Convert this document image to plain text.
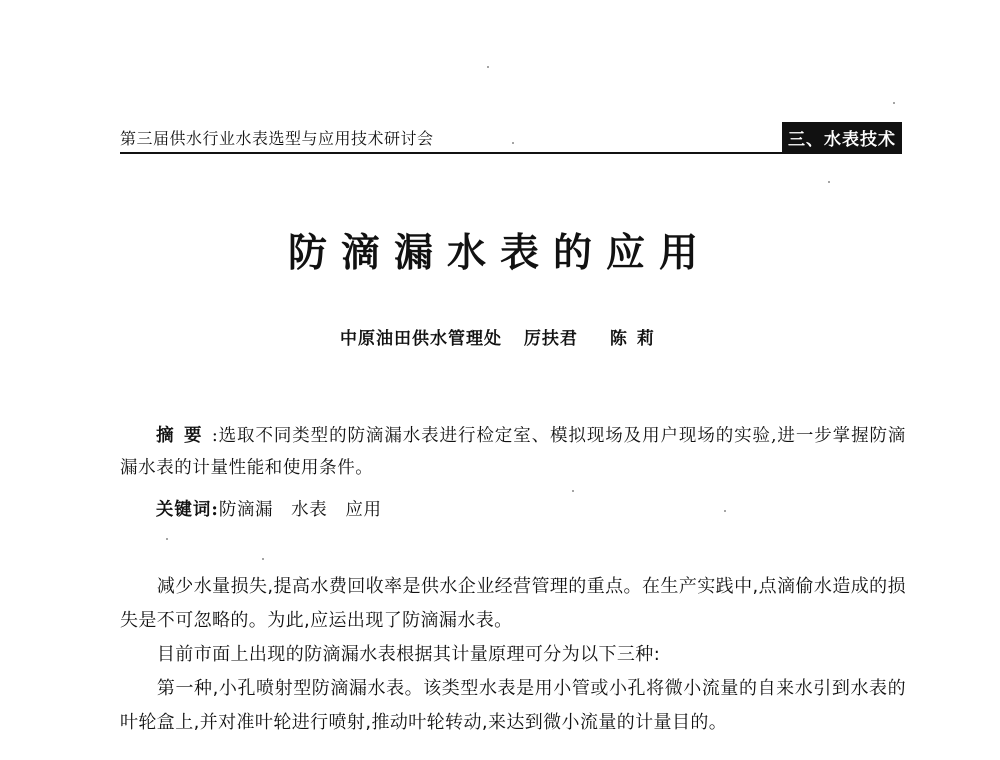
第三届供水行业水表选型与应用技术研讨会	三、水表技术
防滴漏水表的应用
中原油田供水管理处 厉扶君 陈莉
摘要:选取不同类型的防滴漏水表进行检定室、模拟现场及用户现场的实验,进一步掌握防滴漏水表的计量性能和使用条件。
关键词:防滴漏 水表 应用

减少水量损失,提高水费回收率是供水企业经营管理的重点。在生产实践中,点滴偷水造成的损失是不可忽略的。为此,应运出现了防滴漏水表。

目前市面上出现的防滴漏水表根据其计量原理可分为以下三种:

第一种,小孔喷射型防滴漏水表。该类型水表是用小管或小孔将微小流量的自来水引到水表的叶轮盒上,并对准叶轮进行喷射,推动叶轮转动,来达到微小流量的计量目的。
